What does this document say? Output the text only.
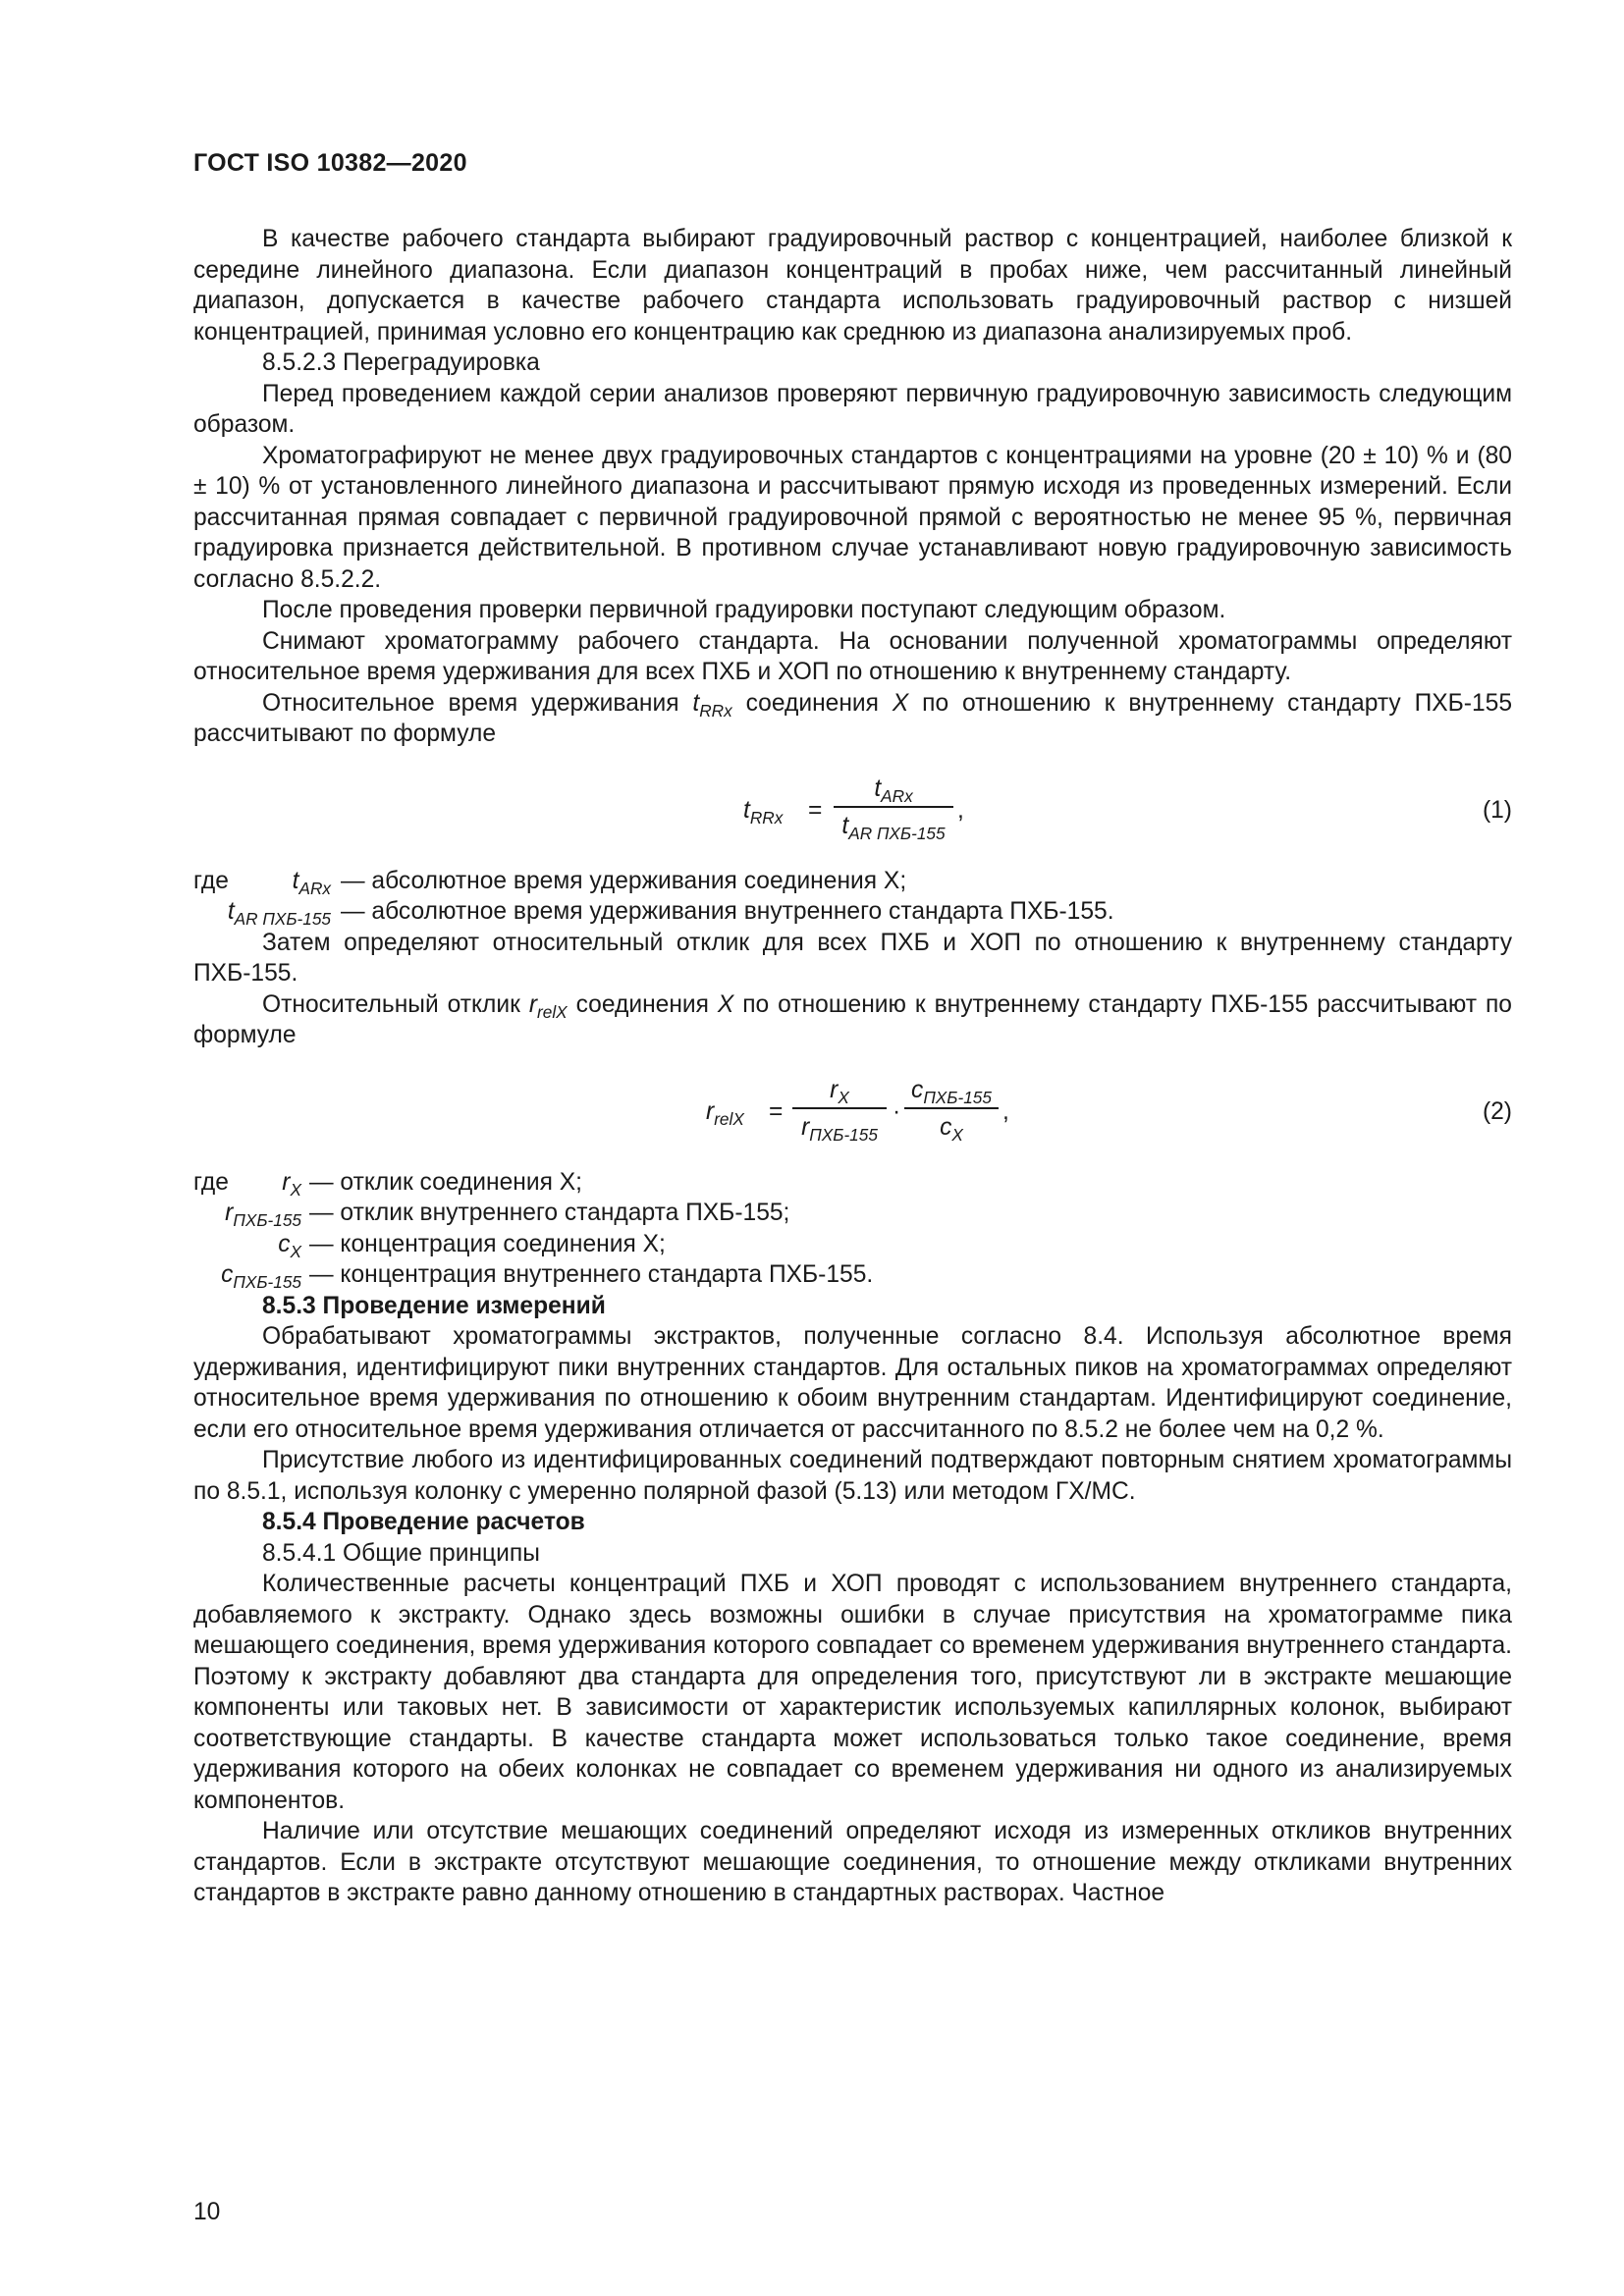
ГОСТ ISO 10382—2020

В качестве рабочего стандарта выбирают градуировочный раствор с концентрацией, наиболее близкой к середине линейного диапазона. Если диапазон концентраций в пробах ниже, чем рассчитанный линейный диапазон, допускается в качестве рабочего стандарта использовать градуировочный раствор с низшей концентрацией, принимая условно его концентрацию как среднюю из диапазона анализируемых проб.

8.5.2.3 Переградуировка

Перед проведением каждой серии анализов проверяют первичную градуировочную зависимость следующим образом.

Хроматографируют не менее двух градуировочных стандартов с концентрациями на уровне (20 ± 10) % и (80 ± 10) % от установленного линейного диапазона и рассчитывают прямую исходя из проведенных измерений. Если рассчитанная прямая совпадает с первичной градуировочной прямой с вероятностью не менее 95 %, первичная градуировка признается действительной. В противном случае устанавливают новую градуировочную зависимость согласно 8.5.2.2.

После проведения проверки первичной градуировки поступают следующим образом.

Снимают хроматограмму рабочего стандарта. На основании полученной хроматограммы определяют относительное время удерживания для всех ПХБ и ХОП по отношению к внутреннему стандарту.

Относительное время удерживания $t_{RRx}$ соединения X по отношению к внутреннему стандарту ПХБ-155 рассчитывают по формуле

$t_{RRx}$ =
$t_{ARx}$
$t_{AR ПХБ-155}$
,	(1)
где	$t_{ARx}$ — абсолютное время удерживания соединения X;
$t_{AR ПХБ-155}$ — абсолютное время удерживания внутреннего стандарта ПХБ-155.

Затем определяют относительный отклик для всех ПХБ и ХОП по отношению к внутреннему стандарту ПХБ-155.

Относительный отклик $r_{relX}$ соединения X по отношению к внутреннему стандарту ПХБ-155 рассчитывают по формуле

$r_{relX}$ =
$r_X$
$r_{ПХБ-155}$
·
$c_{ПХБ-155}$
$c_X$
,	(2)
где	$r_X$ — отклик соединения X;
$r_{ПХБ-155}$ — отклик внутреннего стандарта ПХБ-155;
$c_X$ — концентрация соединения X;
$c_{ПХБ-155}$ — концентрация внутреннего стандарта ПХБ-155.

8.5.3 Проведение измерений

Обрабатывают хроматограммы экстрактов, полученные согласно 8.4. Используя абсолютное время удерживания, идентифицируют пики внутренних стандартов. Для остальных пиков на хроматограммах определяют относительное время удерживания по отношению к обоим внутренним стандартам. Идентифицируют соединение, если его относительное время удерживания отличается от рассчитанного по 8.5.2 не более чем на 0,2 %.

Присутствие любого из идентифицированных соединений подтверждают повторным снятием хроматограммы по 8.5.1, используя колонку с умеренно полярной фазой (5.13) или методом ГХ/МС.

8.5.4 Проведение расчетов

8.5.4.1 Общие принципы

Количественные расчеты концентраций ПХБ и ХОП проводят с использованием внутреннего стандарта, добавляемого к экстракту. Однако здесь возможны ошибки в случае присутствия на хроматограмме пика мешающего соединения, время удерживания которого совпадает со временем удерживания внутреннего стандарта. Поэтому к экстракту добавляют два стандарта для определения того, присутствуют ли в экстракте мешающие компоненты или таковых нет. В зависимости от характеристик используемых капиллярных колонок, выбирают соответствующие стандарты. В качестве стандарта может использоваться только такое соединение, время удерживания которого на обеих колонках не совпадает со временем удерживания ни одного из анализируемых компонентов.

Наличие или отсутствие мешающих соединений определяют исходя из измеренных откликов внутренних стандартов. Если в экстракте отсутствуют мешающие соединения, то отношение между откликами внутренних стандартов в экстракте равно данному отношению в стандартных растворах. Частное

10
